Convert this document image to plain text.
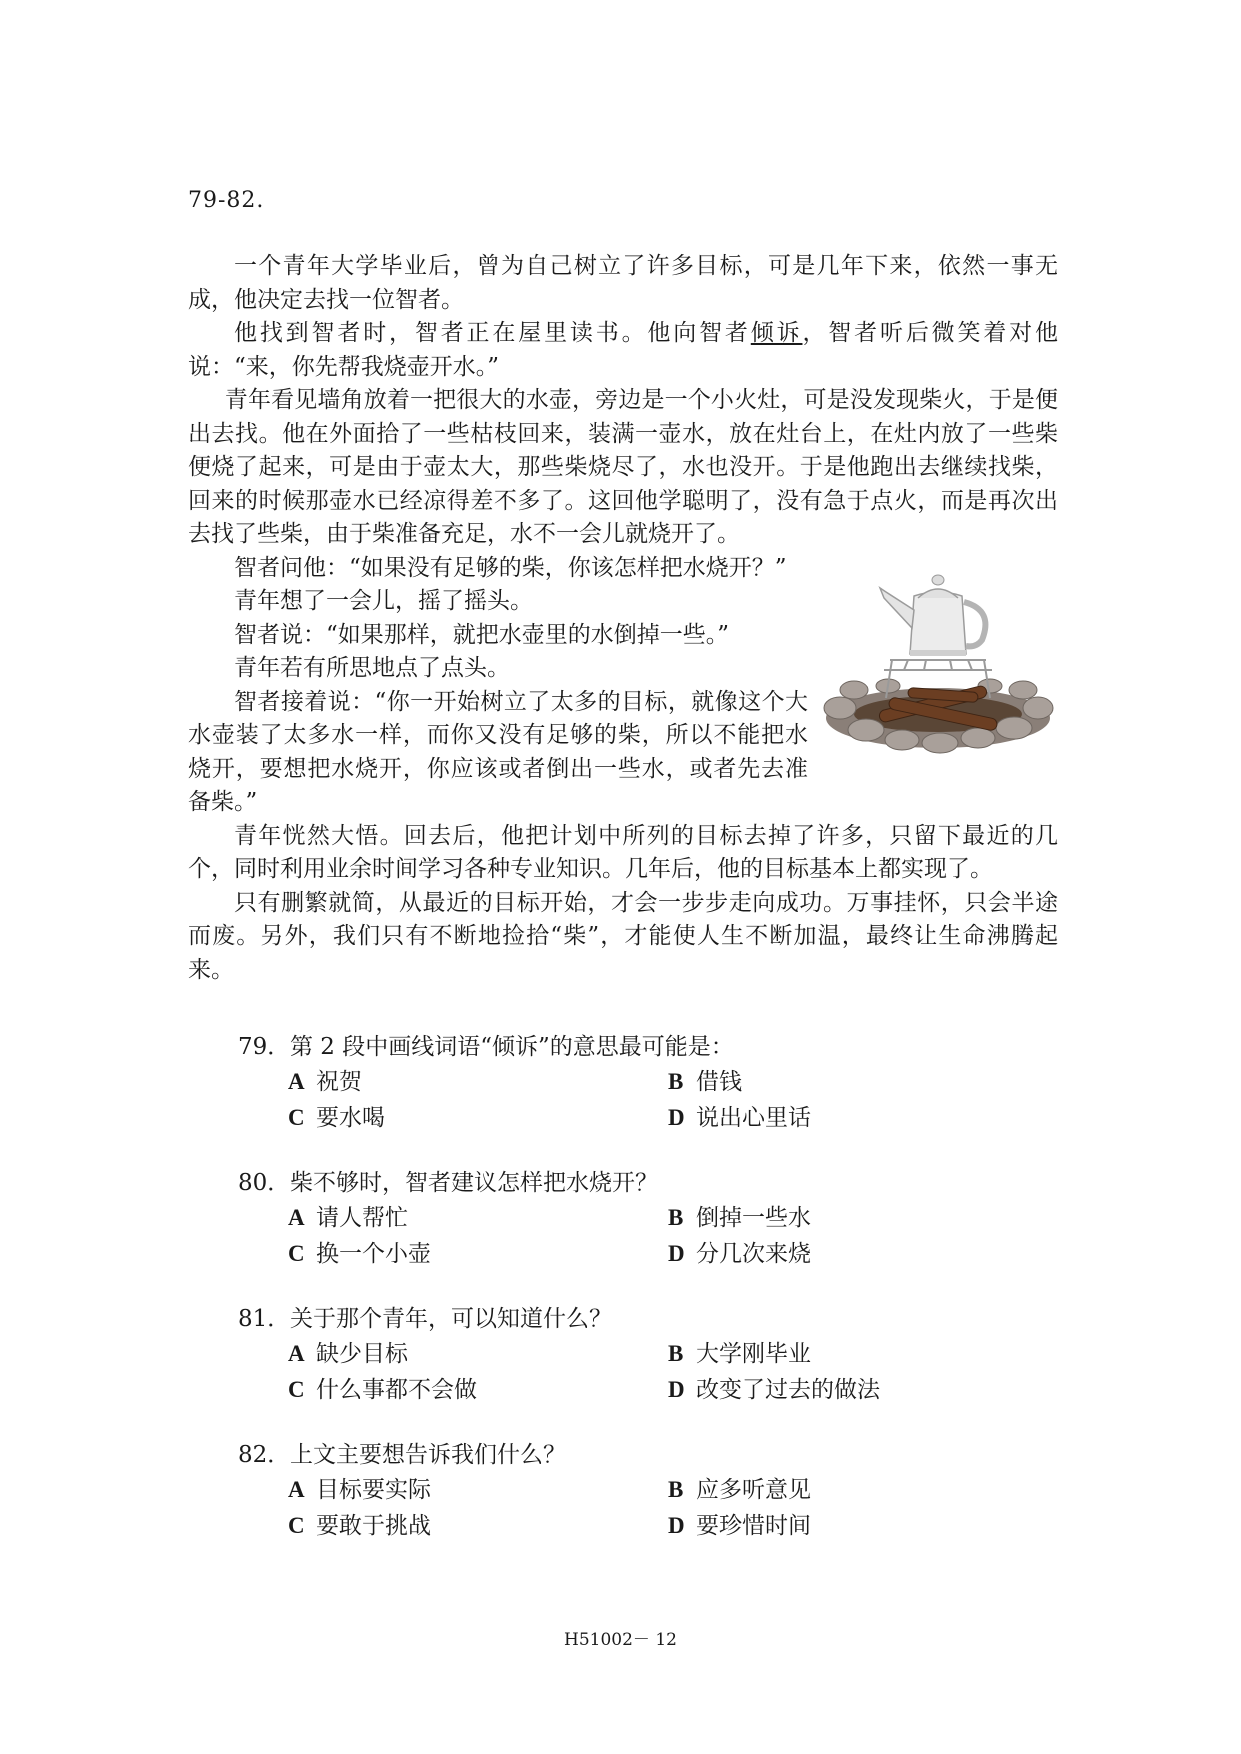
79-82.

一个青年大学毕业后，曾为自己树立了许多目标，可是几年下来，依然一事无成，他决定去找一位智者。

他找到智者时，智者正在屋里读书。他向智者倾诉，智者听后微笑着对他说：“来，你先帮我烧壶开水。”

青年看见墙角放着一把很大的水壶，旁边是一个小火灶，可是没发现柴火，于是便出去找。他在外面拾了一些枯枝回来，装满一壶水，放在灶台上，在灶内放了一些柴便烧了起来，可是由于壶太大，那些柴烧尽了，水也没开。于是他跑出去继续找柴，回来的时候那壶水已经凉得差不多了。这回他学聪明了，没有急于点火，而是再次出去找了些柴，由于柴准备充足，水不一会儿就烧开了。

智者问他：“如果没有足够的柴，你该怎样把水烧开？”

青年想了一会儿，摇了摇头。

智者说：“如果那样，就把水壶里的水倒掉一些。”

青年若有所思地点了点头。

智者接着说：“你一开始树立了太多的目标，就像这个大水壶装了太多水一样，而你又没有足够的柴，所以不能把水烧开，要想把水烧开，你应该或者倒出一些水，或者先去准备柴。”

青年恍然大悟。回去后，他把计划中所列的目标去掉了许多，只留下最近的几个，同时利用业余时间学习各种专业知识。几年后，他的目标基本上都实现了。

只有删繁就简，从最近的目标开始，才会一步步走向成功。万事挂怀，只会半途而废。另外，我们只有不断地捡拾“柴”，才能使人生不断加温，最终让生命沸腾起来。

79．第 2 段中画线词语“倾诉”的意思最可能是：
A 祝贺	B 借钱
C 要水喝	D 说出心里话
80．柴不够时，智者建议怎样把水烧开？
A 请人帮忙	B 倒掉一些水
C 换一个小壶	D 分几次来烧
81．关于那个青年，可以知道什么？
A 缺少目标	B 大学刚毕业
C 什么事都不会做	D 改变了过去的做法
82．上文主要想告诉我们什么？
A 目标要实际	B 应多听意见
C 要敢于挑战	D 要珍惜时间
H51002－ 12
